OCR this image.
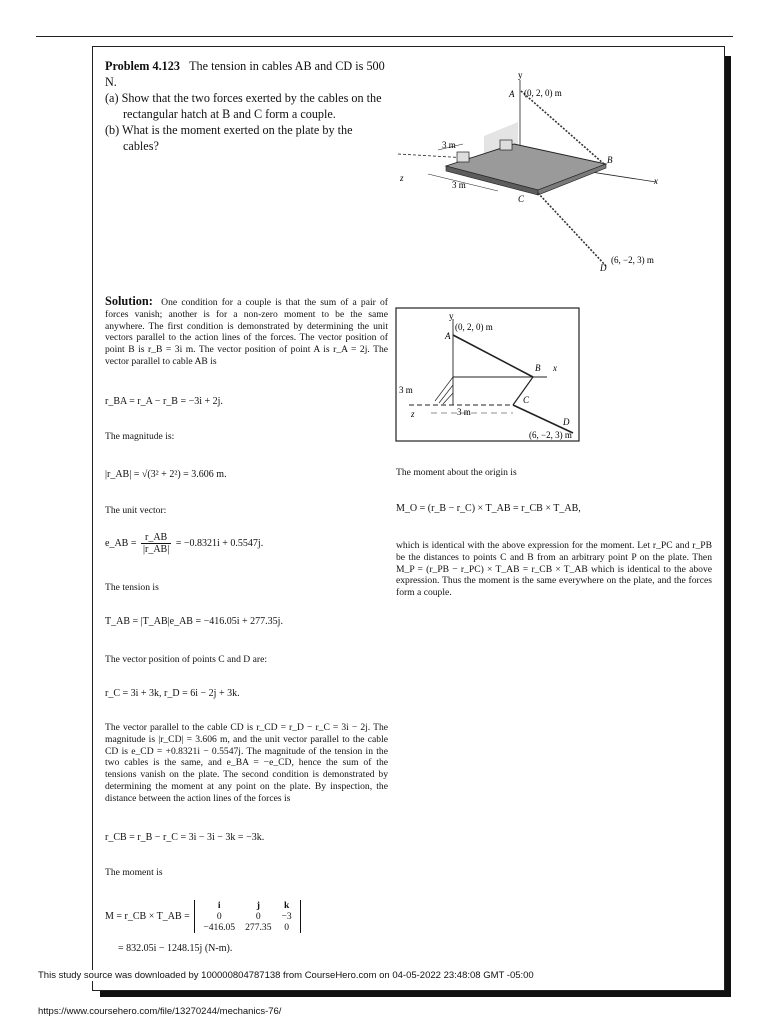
Problem 4.123 The tension in cables AB and CD is 500 N.
(a) Show that the two forces exerted by the cables on the rectangular hatch at B and C form a couple.
(b) What is the moment exerted on the plate by the cables?
y
x
z
A (0, 2, 0) m
B
C
D
(6, −2, 3) m
3 m
3 m
y
(0, 2, 0) m
A
B x
C
D
(6, −2, 3) m
z
3 m
3 m
Solution: One condition for a couple is that the sum of a pair of forces vanish; another is for a non-zero moment to be the same anywhere. The first condition is demonstrated by determining the unit vectors parallel to the action lines of the forces. The vector position of point B is r_B = 3i m. The vector position of point A is r_A = 2j. The vector parallel to cable AB is
r_BA = r_A − r_B = −3i + 2j.
The magnitude is:
|r_AB| = √(3² + 2²) = 3.606 m.
The unit vector:
e_AB = $\frac{r\_AB}{|r\_AB|} = -0.8321i + 0.5547j$.
The tension is
T_AB = |T_AB|e_AB = −416.05i + 277.35j.
The vector position of points C and D are:
r_C = 3i + 3k, r_D = 6i − 2j + 3k.
The vector parallel to the cable CD is r_CD = r_D − r_C = 3i − 2j. The magnitude is |r_CD| = 3.606 m, and the unit vector parallel to the cable CD is e_CD = +0.8321i − 0.5547j. The magnitude of the tension in the two cables is the same, and e_BA = −e_CD, hence the sum of the tensions vanish on the plate. The second condition is demonstrated by determining the moment at any point on the plate. By inspection, the distance between the action lines of the forces is
r_CB = r_B − r_C = 3i − 3i − 3k = −3k.
The moment is
M = r_CB × T_AB =
i	j	k
0	0	−3
−416.05	277.35	0
= 832.05i − 1248.15j (N-m).
The moment about the origin is
M_O = (r_B − r_C) × T_AB = r_CB × T_AB,
which is identical with the above expression for the moment. Let r_PC and r_PB be the distances to points C and B from an arbitrary point P on the plate. Then M_P = (r_PB − r_PC) × T_AB = r_CB × T_AB which is identical to the above expression. Thus the moment is the same everywhere on the plate, and the forces form a couple.
This study source was downloaded by 100000804787138 from CourseHero.com on 04-05-2022 23:48:08 GMT -05:00
https://www.coursehero.com/file/13270244/mechanics-76/
